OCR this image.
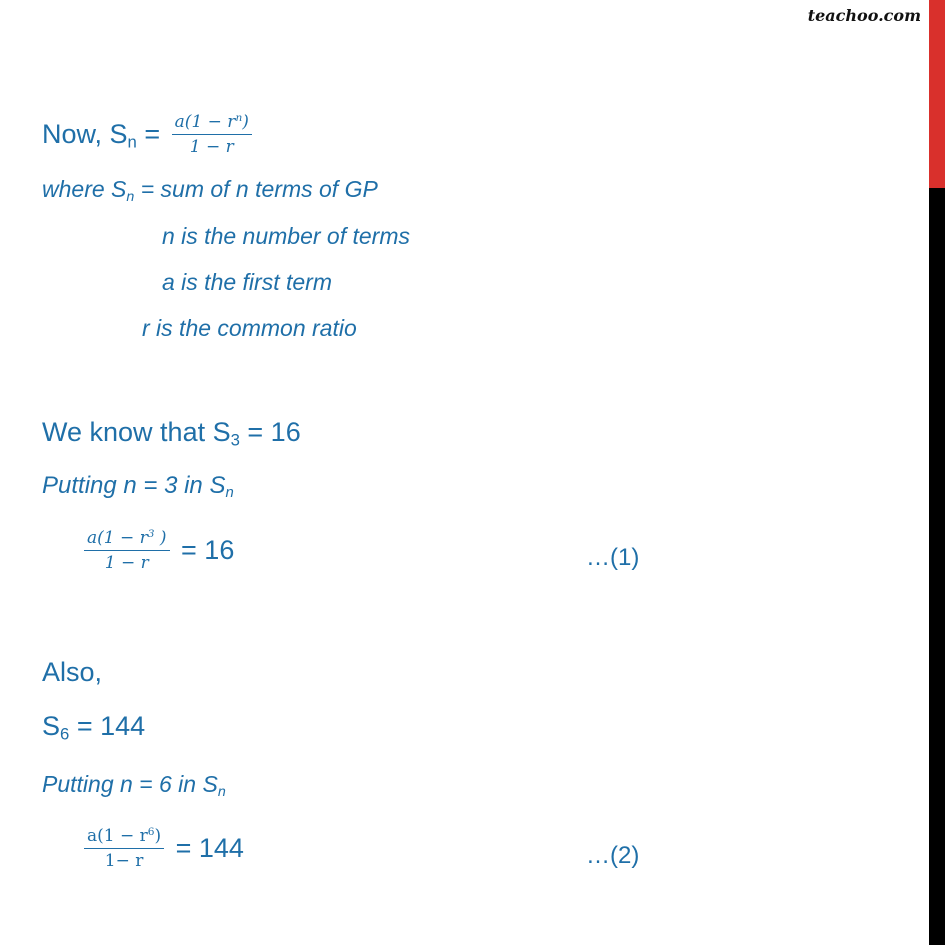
teachoo.com
Now, $S_n = \frac{a(1 - r^n)}{1 - r}$
where $S_n$ = sum of n terms of GP
n is the number of terms
a is the first term
r is the common ratio
We know that $S_3 = 16$
Putting n = 3 in $S_n$
$\frac{a(1 - r^3 )}{1 - r} = 16$	…(1)
Also,
$S_6 = 144$
Putting n = 6 in $S_n$
$\frac{a(1 - r^6)}{1- r} = 144$	…(2)
